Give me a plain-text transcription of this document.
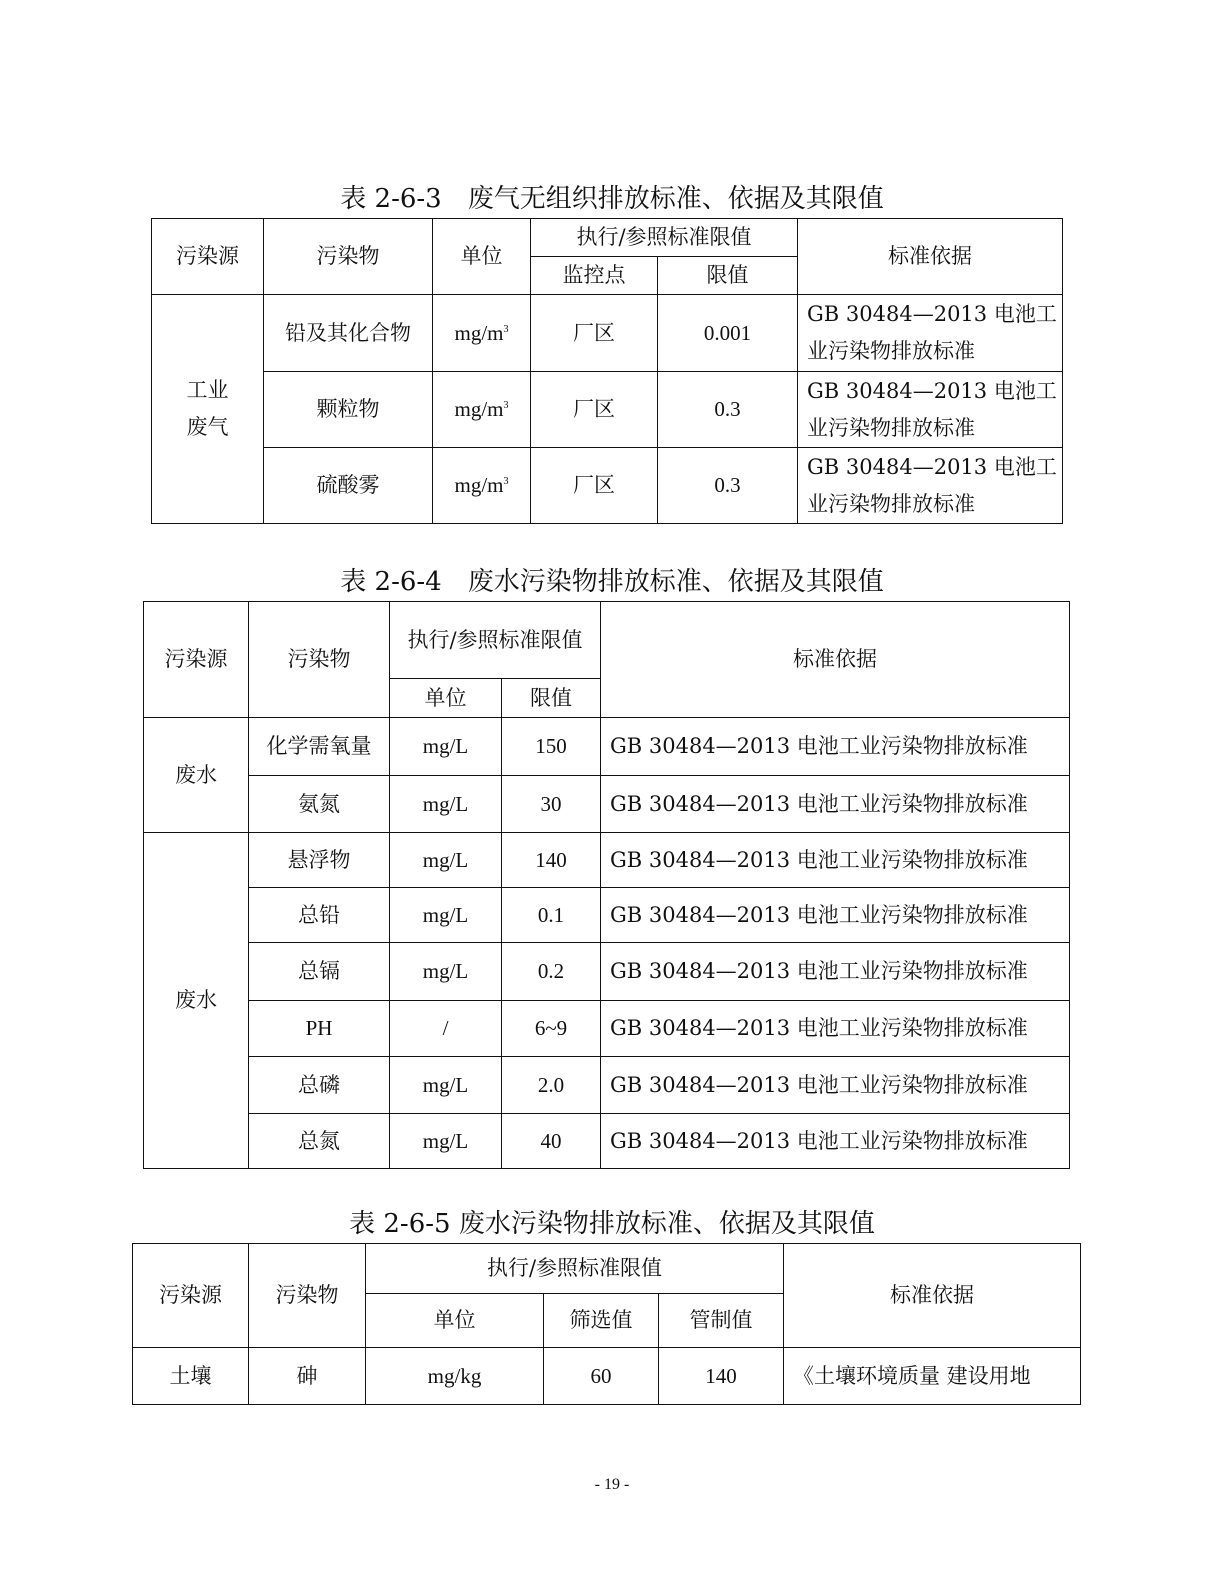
表 2-6-3　废气无组织排放标准、依据及其限值
污染源	污染物	单位	执行/参照标准限值		标准依据
			监控点	限值	

工业废气	铅及其化合物	$mg/m^3$	厂区	0.001	GB 30484—2013 电池工业污染物排放标准
	颗粒物	$mg/m^3$	厂区	0.3	GB 30484—2013 电池工业污染物排放标准
	硫酸雾	$mg/m^3$	厂区	0.3	GB 30484—2013 电池工业污染物排放标准
表 2-6-4　废水污染物排放标准、依据及其限值
污染源	污染物	执行/参照标准限值		标准依据
		单位	限值	
废水	化学需氧量	mg/L	150	GB 30484—2013 电池工业污染物排放标准
	氨氮	mg/L	30	GB 30484—2013 电池工业污染物排放标准
废水	悬浮物	mg/L	140	GB 30484—2013 电池工业污染物排放标准
	总铅	mg/L	0.1	GB 30484—2013 电池工业污染物排放标准
	总镉	mg/L	0.2	GB 30484—2013 电池工业污染物排放标准
	PH	/	6~9	GB 30484—2013 电池工业污染物排放标准
	总磷	mg/L	2.0	GB 30484—2013 电池工业污染物排放标准
	总氮	mg/L	40	GB 30484—2013 电池工业污染物排放标准
表 2-6-5 废水污染物排放标准、依据及其限值
污染源	污染物	执行/参照标准限值			标准依据
		单位	筛选值	管制值	
土壤	砷	mg/kg	60	140	《土壤环境质量 建设用地
- 19 -
